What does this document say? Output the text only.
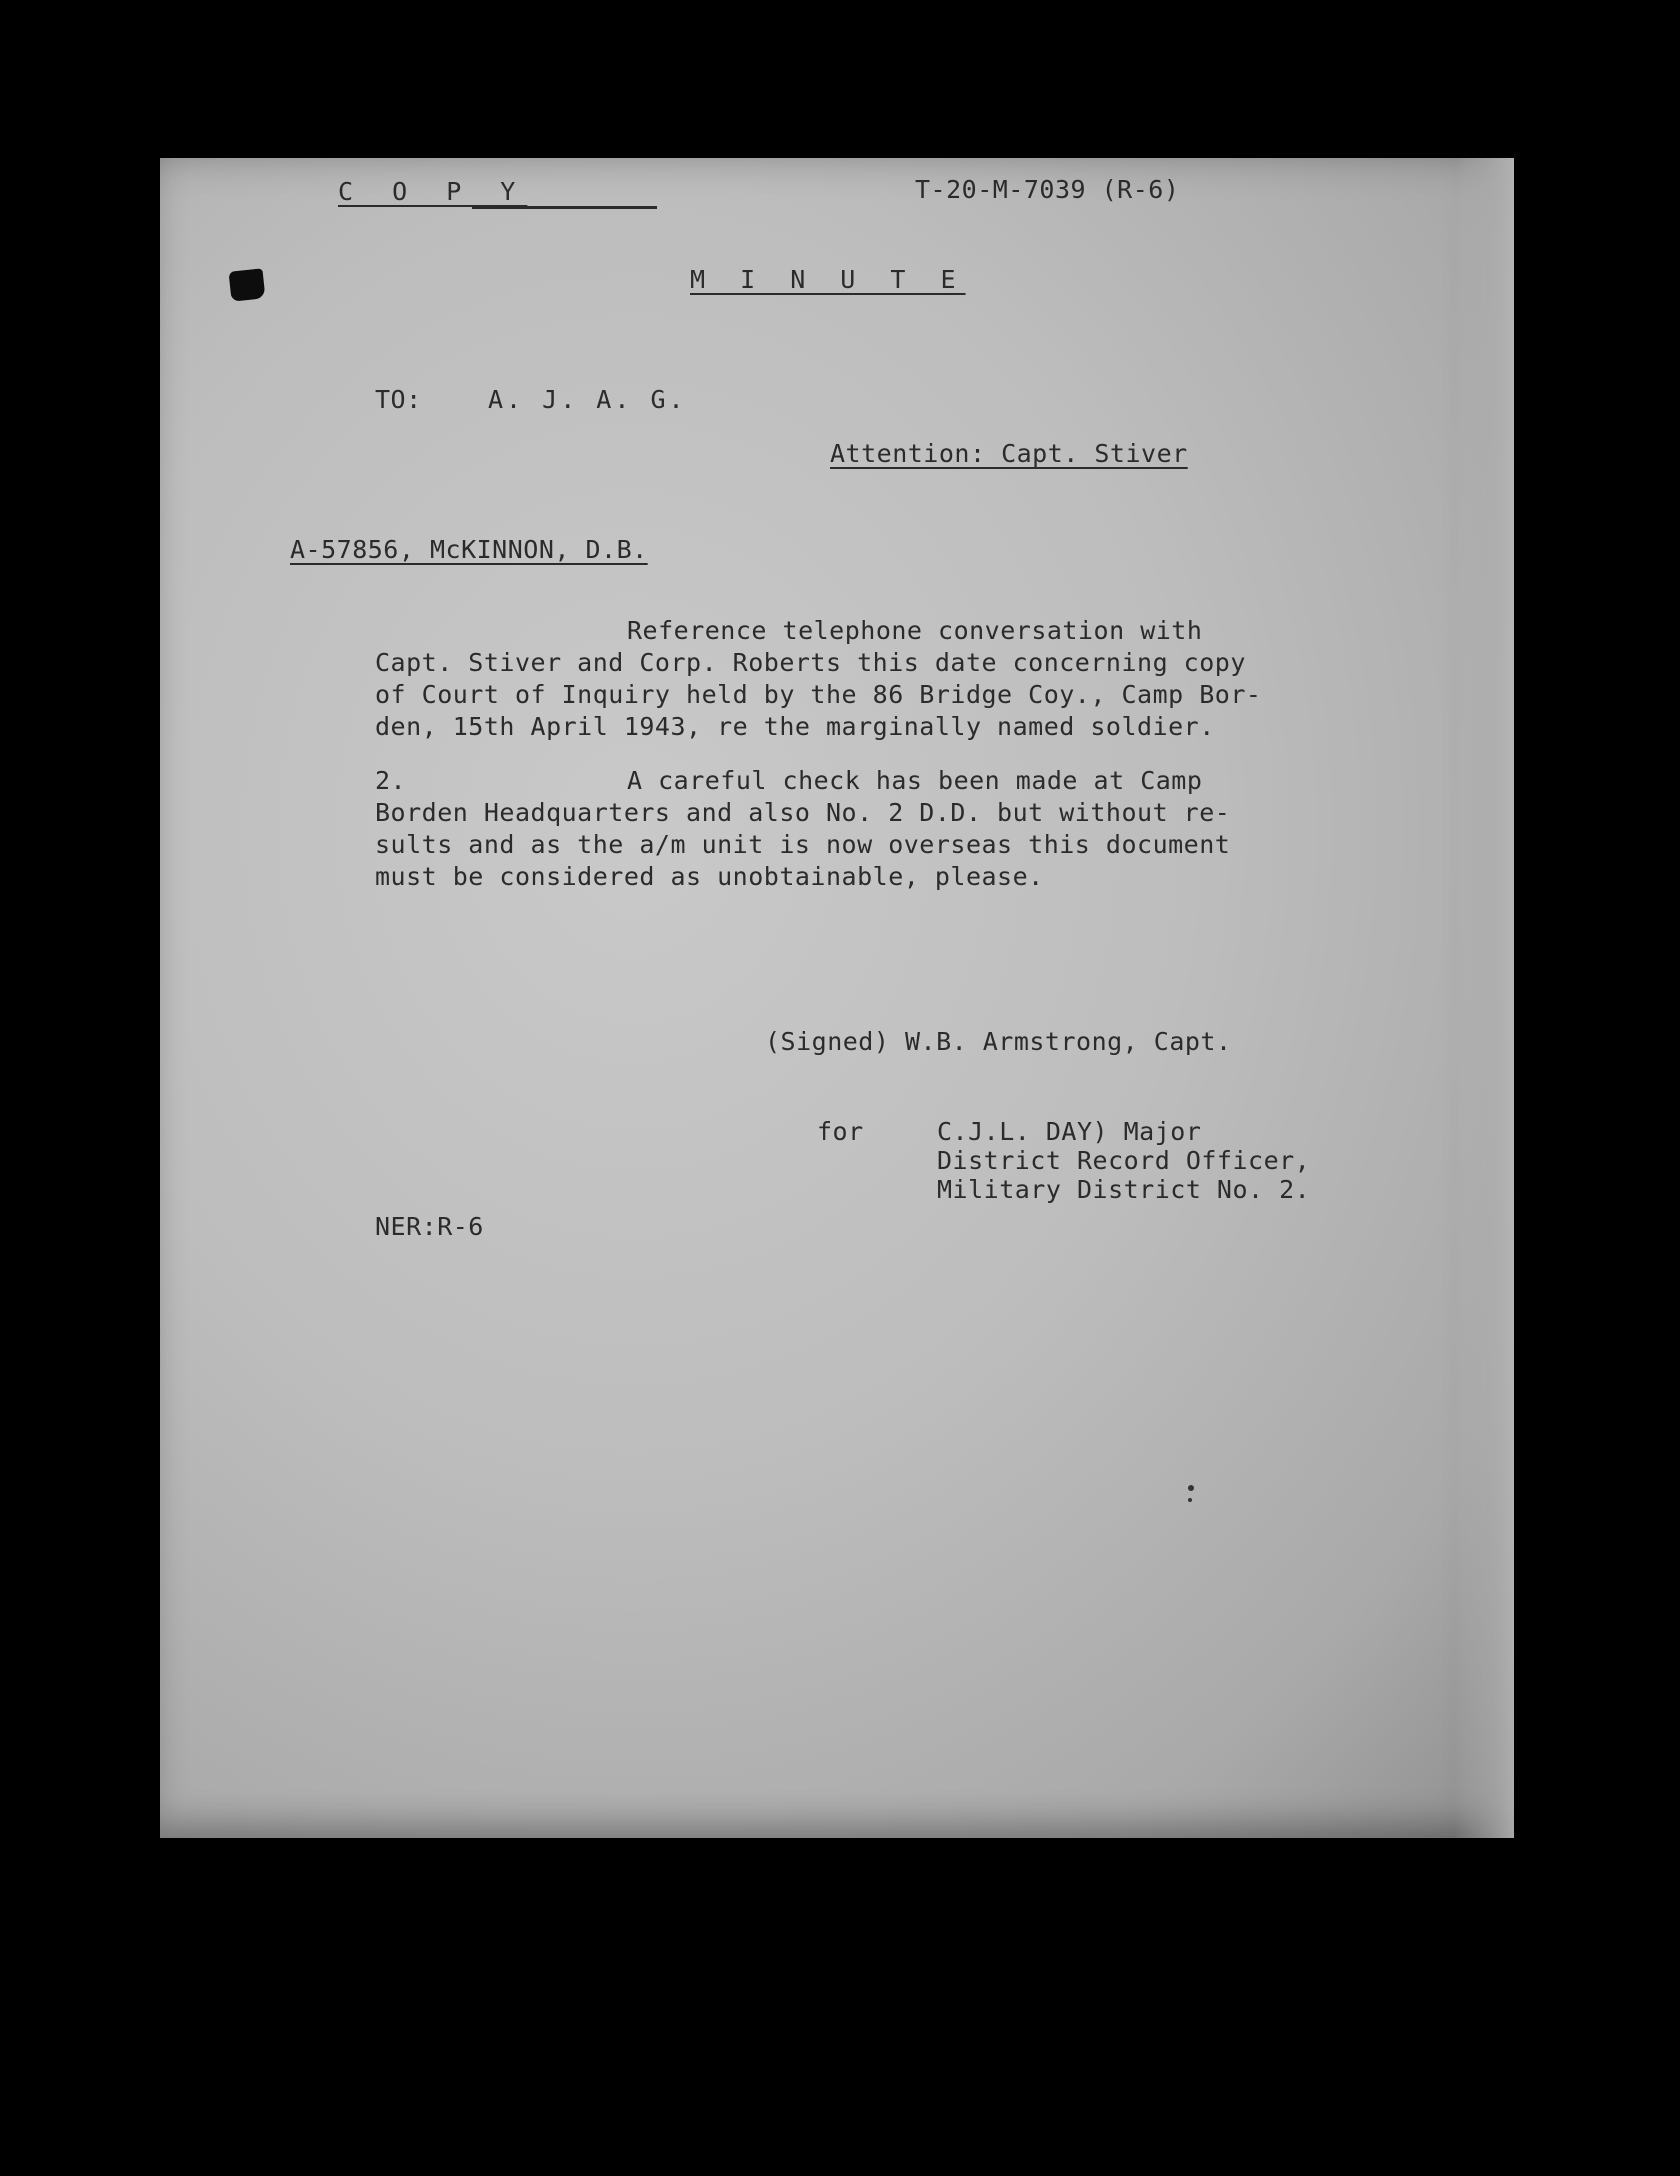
C O P Y	T-20-M-7039 (R-6)
M I N U T E
TO:	A. J. A. G.
Attention: Capt. Stiver
A-57856, McKINNON, D.B.
Reference telephone conversation with
Capt. Stiver and Corp. Roberts this date concerning copy
of Court of Inquiry held by the 86 Bridge Coy., Camp Bor-
den, 15th April 1943, re the marginally named soldier.
2.	A careful check has been made at Camp
Borden Headquarters and also No. 2 D.D. but without re-
sults and as the a/m unit is now overseas this document
must be considered as unobtainable, please.
(Signed) W.B. Armstrong, Capt.
for	C.J.L. DAY) Major
District Record Officer,
Military District No. 2.
NER:R-6
